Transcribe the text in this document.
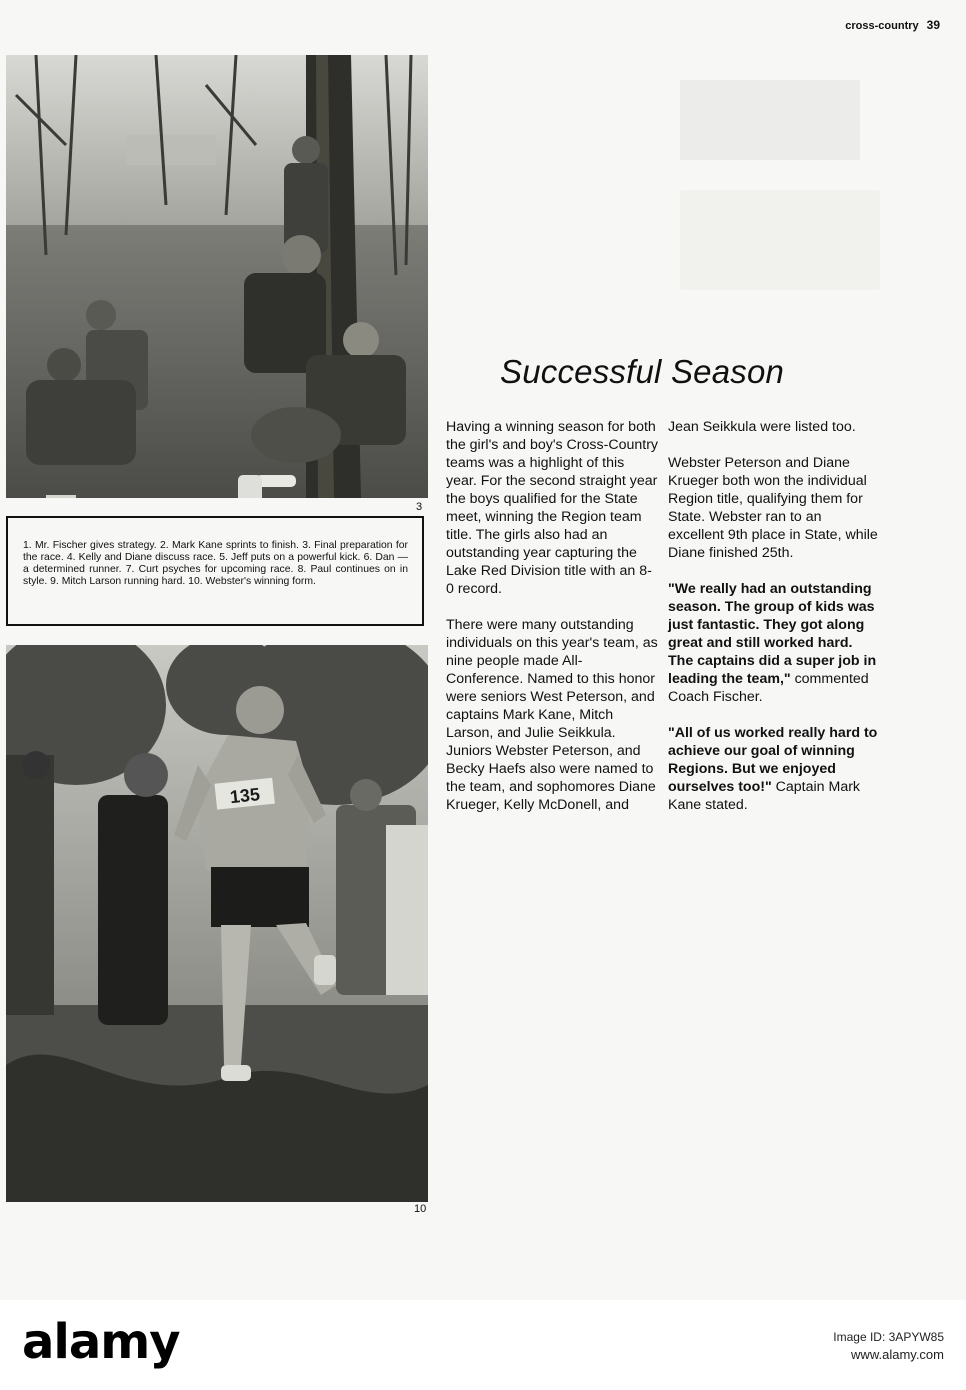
cross-country 39
3
1. Mr. Fischer gives strategy. 2. Mark Kane sprints to finish. 3. Final preparation for the race. 4. Kelly and Diane discuss race. 5. Jeff puts on a powerful kick. 6. Dan — a determined runner. 7. Curt psyches for upcoming race. 8. Paul continues on in style. 9. Mitch Larson running hard. 10. Webster's winning form.
135
10
Successful Season

Having a winning season for both the girl's and boy's Cross-Country teams was a highlight of this year. For the second straight year the boys qualified for the State meet, winning the Region team title. The girls also had an outstanding year capturing the Lake Red Division title with an 8-0 record.

There were many outstanding individuals on this year's team, as nine people made All-Conference. Named to this honor were seniors West Peterson, and captains Mark Kane, Mitch Larson, and Julie Seikkula. Juniors Webster Peterson, and Becky Haefs also were named to the team, and sophomores Diane Krueger, Kelly McDonell, and

Jean Seikkula were listed too.

Webster Peterson and Diane Krueger both won the individual Region title, qualifying them for State. Webster ran to an excellent 9th place in State, while Diane finished 25th.

"We really had an outstanding season. The group of kids was just fantastic. They got along great and still worked hard. The captains did a super job in leading the team," commented Coach Fischer.

"All of us worked really hard to achieve our goal of winning Regions. But we enjoyed ourselves too!" Captain Mark Kane stated.

alamy	Image ID: 3APYW85
www.alamy.com
